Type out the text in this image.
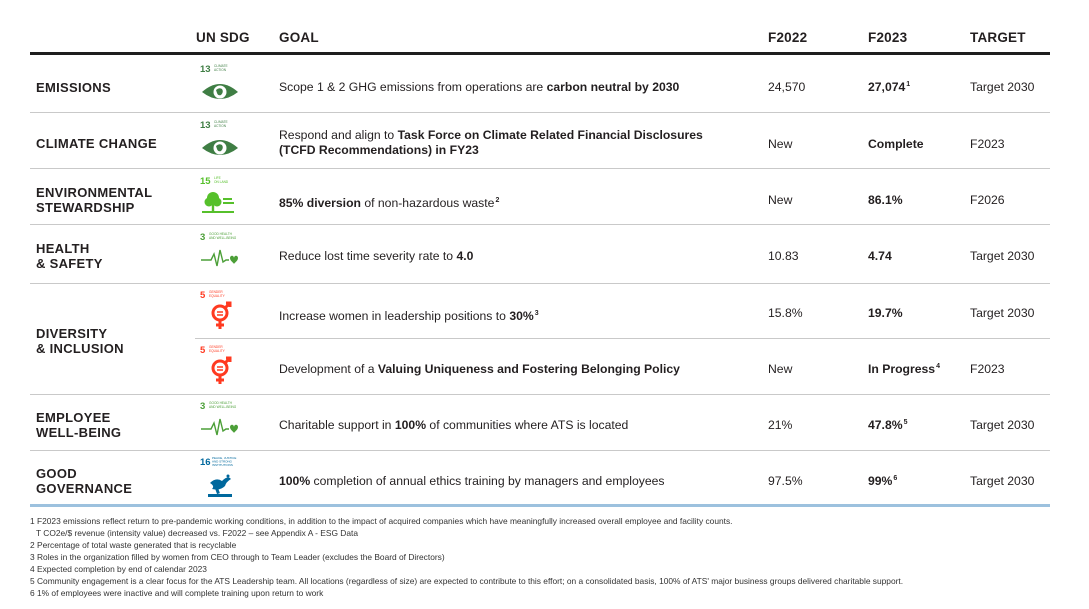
UN SDG GOAL	F2022	F2023	TARGET
EMISSIONS
13 CLIMATE
ACTION
Scope 1 & 2 GHG emissions from operations are carbon neutral by 2030	24,570	27,074$^1$	Target 2030
CLIMATE CHANGE
13 CLIMATE
ACTION
Respond and align to Task Force on Climate Related Financial Disclosures (TCFD Recommendations) in FY23	New	Complete	F2023
ENVIRONMENTAL
STEWARDSHIP
15 LIFE
ON LAND
85% diversion of non-hazardous waste$^2$	New	86.1%	F2026
HEALTH
& SAFETY
3 GOOD HEALTH
AND WELL-BEING
Reduce lost time severity rate to 4.0	10.83	4.74	Target 2030
DIVERSITY
& INCLUSION
5 GENDER
EQUALITY
Increase women in leadership positions to 30%$^3$	15.8%	19.7%	Target 2030
5 GENDER
EQUALITY
Development of a Valuing Uniqueness and Fostering Belonging Policy	New	In Progress$^4$ F2023
EMPLOYEE
WELL-BEING
3 GOOD HEALTH
AND WELL-BEING
Charitable support in 100% of communities where ATS is located	21%	47.8%$^5$	Target 2030
GOOD
GOVERNANCE
16 PEACE, JUSTICE
AND STRONG
INSTITUTIONS
100% completion of annual ethics training by managers and employees	97.5%	99%$^6$	Target 2030
1 F2023 emissions reflect return to pre-pandemic working conditions, in addition to the impact of acquired companies which have meaningfully increased overall employee and facility counts.
T CO2e/$ revenue (intensity value) decreased vs. F2022 – see Appendix A - ESG Data
2 Percentage of total waste generated that is recyclable
3 Roles in the organization filled by women from CEO through to Team Leader (excludes the Board of Directors)
4 Expected completion by end of calendar 2023
5 Community engagement is a clear focus for the ATS Leadership team. All locations (regardless of size) are expected to contribute to this effort; on a consolidated basis, 100% of ATS' major business groups delivered charitable support.
6 1% of employees were inactive and will complete training upon return to work
